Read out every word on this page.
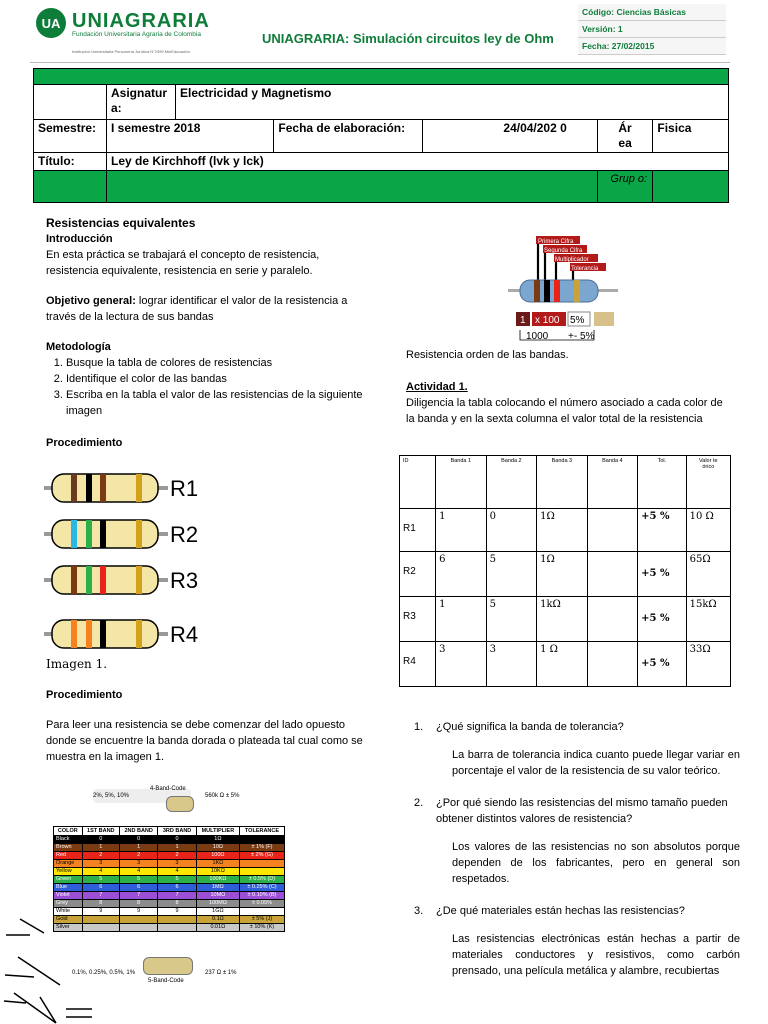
UA UNIAGRARIA
Fundación Universitaria Agraria de Colombia
Institución Universitaria Personería Jurídica N°2399 MinEducación
UNIAGRARIA: Simulación circuitos ley de Ohm
Código: Ciencias Básicas
Versión: 1
Fecha: 27/02/2015

	Asignatur a:	Electricidad y Magnetismo				
Semestre:	I semestre 2018		Fecha de elaboración:	24/04/202 0	Ár ea	Fisica
Título:	Ley de Kirchhoff (lvk y lck)					
					Grup o:	
Resistencias equivalentes
Introducción
En esta práctica se trabajará el concepto de resistencia, resistencia equivalente, resistencia en serie y paralelo.
Objetivo general: lograr identificar el valor de la resistencia a través de la lectura de sus bandas
Metodología
1. Busque la tabla de colores de resistencias
2. Identifique el color de las bandas
3. Escriba en la tabla el valor de las resistencias de la siguiente imagen
Procedimiento
R1
R2
R3
R4
Imagen 1.
Procedimiento
Para leer una resistencia se debe comenzar del lado opuesto donde se encuentre la banda dorada o plateada tal cual como se muestra en la imagen 1.
2%, 5%, 10%
4-Band-Code
560k Ω ± 5%
COLOR	1ST BAND	2ND BAND	3RD BAND	MULTIPLIER	TOLERANCE
Black	0	0	0	1Ω	
Brown	1	1	1	10Ω	± 1% (F)
Red	2	2	2	100Ω	± 2% (G)
Orange	3	3	3	1KΩ	
Yellow	4	4	4	10KΩ	
Green	5	5	5	100KΩ	± 0.5% (D)
Blue	6	6	6	1MΩ	± 0.25% (C)
Violet	7	7	7	10MΩ	± 0.10% (B)
Grey	8	8	8	100MΩ	± 0.05%
White	9	9	9	1GΩ	
Gold				0.1Ω	± 5% (J)
Silver				0.01Ω	± 10% (K)
0.1%, 0.25%, 0.5%, 1%
5-Band-Code
237 Ω ± 1%
Primera Cifra
Segunda Cifra
Multiplicador
Tolerancia
1 x 100 5%
1000 +- 5%
Resistencia orden de las bandas.
Actividad 1.
Diligencia la tabla colocando el número asociado a cada color de la banda y en la sexta columna el valor total de la resistencia
ID	Banda 1	Banda 2	Banda 3	Banda 4	Tol.	Valor teórico
R1	1	0	1Ω		+5 %	10 Ω
R2	6	5	1Ω		+5 %	65Ω
R3	1	5	1kΩ		+5 %	15kΩ
R4	3	3	1 Ω		+5 %	33Ω
1.	¿Qué significa la banda de tolerancia?
La barra de tolerancia indica cuanto puede llegar variar en porcentaje el valor de la resistencia de su valor teórico.
2.	¿Por qué siendo las resistencias del mismo tamaño pueden obtener distintos valores de resistencia?
Los valores de las resistencias no son absolutos porque dependen de los fabricantes, pero en general son respetados.
3.	¿De qué materiales están hechas las resistencias?
Las resistencias electrónicas están hechas a partir de materiales conductores y resistivos, como carbón prensado, una película metálica y alambre, recubiertas
